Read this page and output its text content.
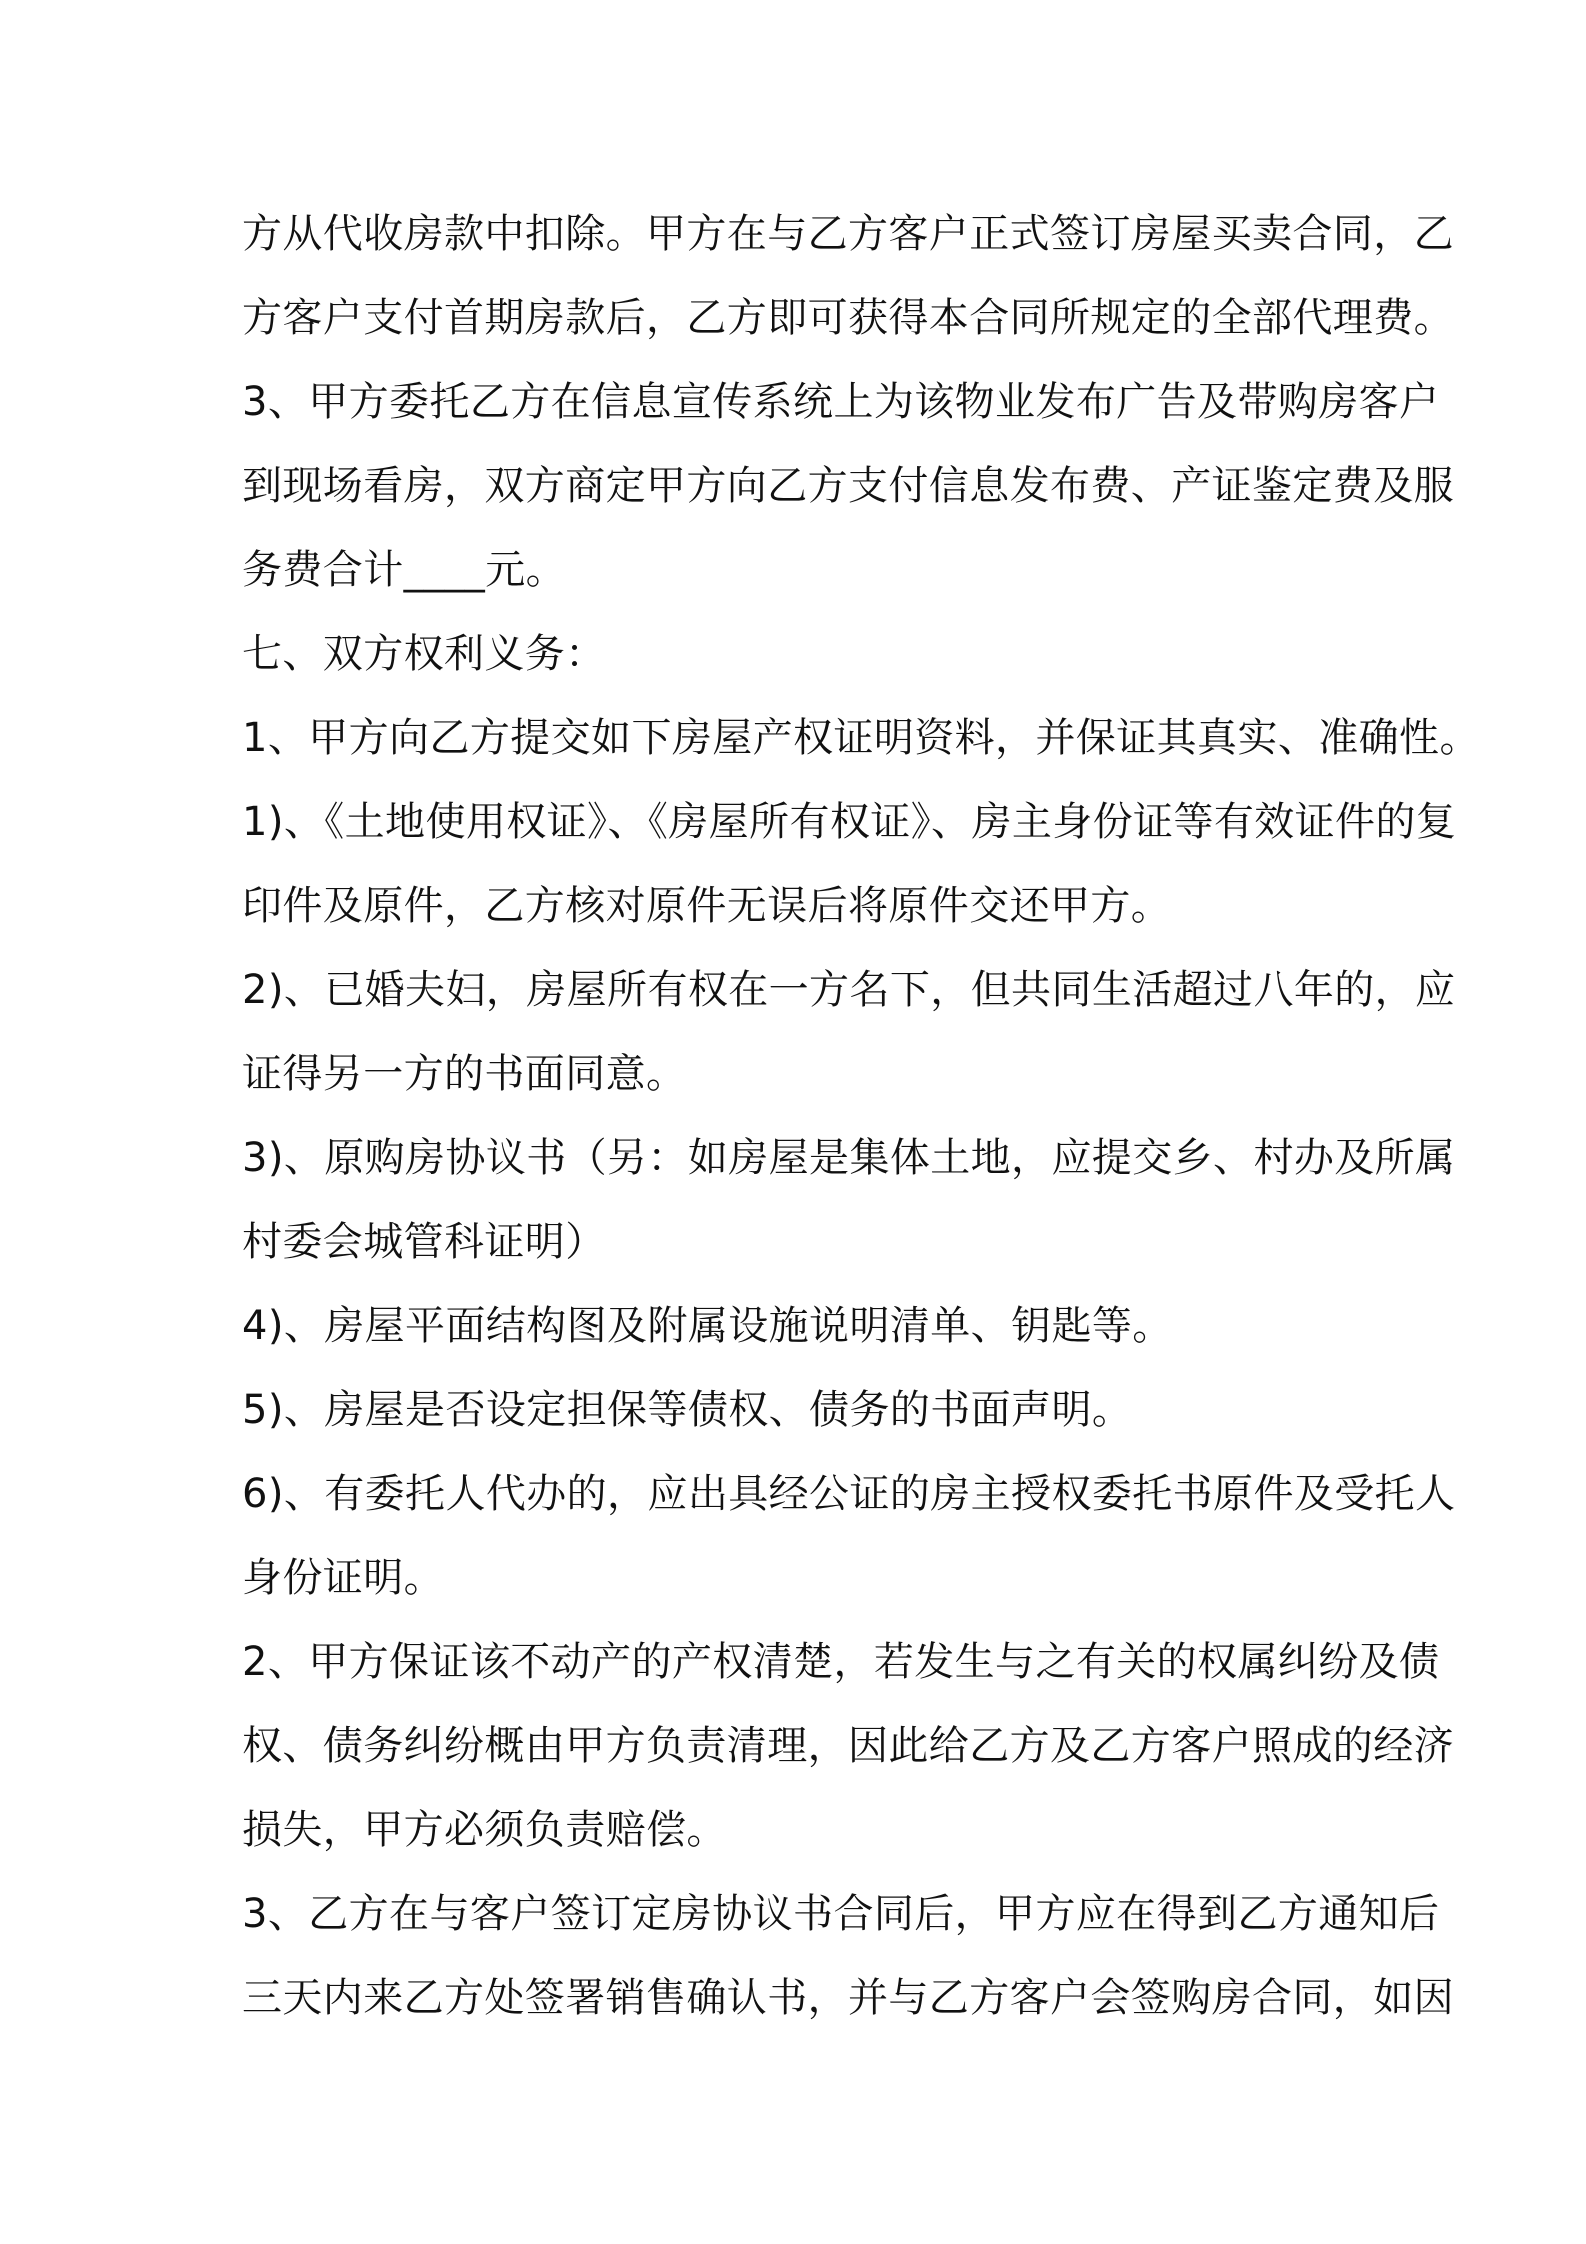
方从代收房款中扣除。甲方在与乙方客户正式签订房屋买卖合同，乙
方客户支付首期房款后，乙方即可获得本合同所规定的全部代理费。
3、甲方委托乙方在信息宣传系统上为该物业发布广告及带购房客户
到现场看房，双方商定甲方向乙方支付信息发布费、产证鉴定费及服
务费合计____元。
七、双方权利义务：
1、甲方向乙方提交如下房屋产权证明资料，并保证其真实、准确性。
1)、《土地使用权证》、《房屋所有权证》、房主身份证等有效证件的复
印件及原件，乙方核对原件无误后将原件交还甲方。
2)、已婚夫妇，房屋所有权在一方名下，但共同生活超过八年的，应
证得另一方的书面同意。
3)、原购房协议书（另：如房屋是集体土地，应提交乡、村办及所属
村委会城管科证明）
4)、房屋平面结构图及附属设施说明清单、钥匙等。
5)、房屋是否设定担保等债权、债务的书面声明。
6)、有委托人代办的，应出具经公证的房主授权委托书原件及受托人
身份证明。
2、甲方保证该不动产的产权清楚，若发生与之有关的权属纠纷及债
权、债务纠纷概由甲方负责清理，因此给乙方及乙方客户照成的经济
损失，甲方必须负责赔偿。
3、乙方在与客户签订定房协议书合同后，甲方应在得到乙方通知后
三天内来乙方处签署销售确认书，并与乙方客户会签购房合同，如因
